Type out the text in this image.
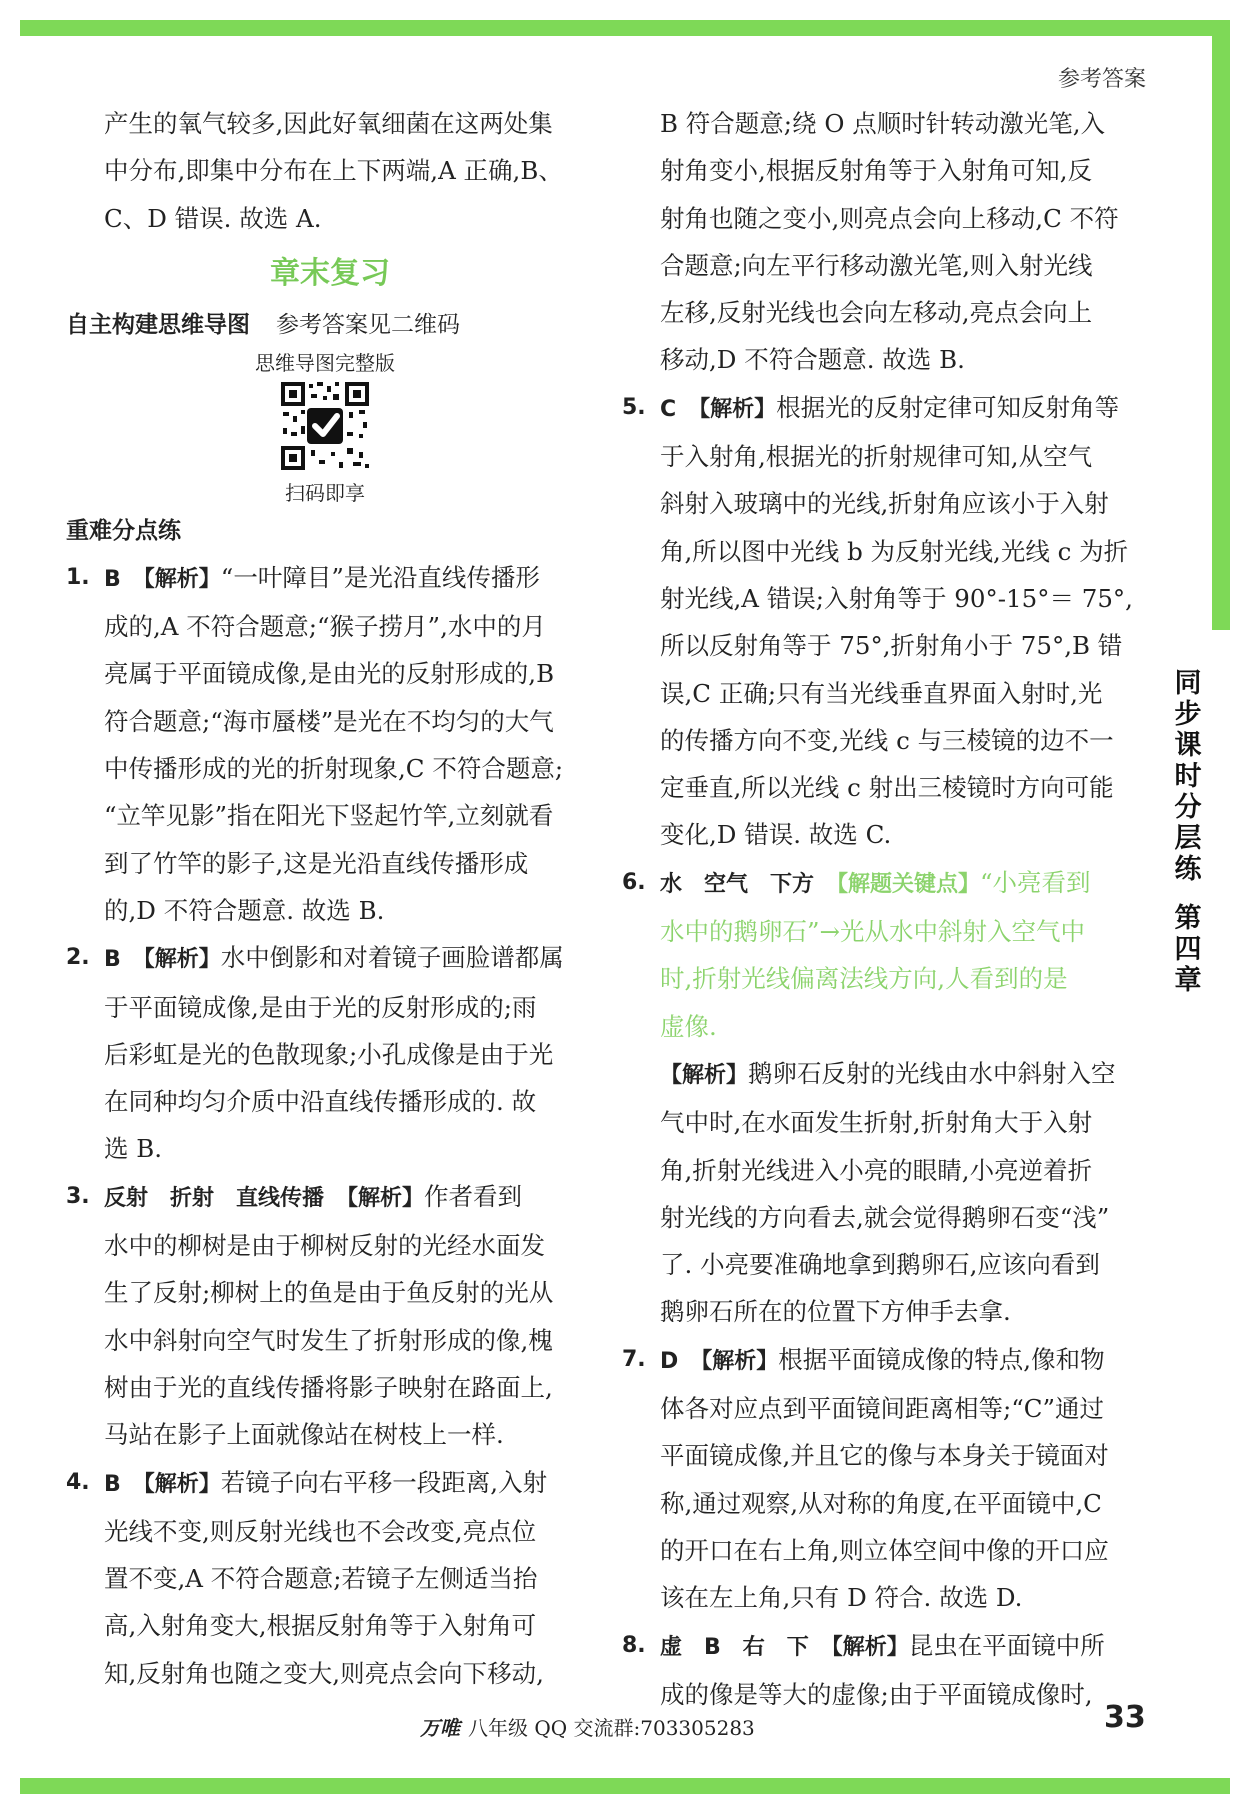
参考答案

产生的氧气较多,因此好氧细菌在这两处集

中分布,即集中分布在上下两端,A 正确,B、

C、D 错误. 故选 A.

章末复习
自主构建思维导图 参考答案见二维码
思维导图完整版
扫码即享
重难分点练

1. B 【解析】“一叶障目”是光沿直线传播形

成的,A 不符合题意;“猴子捞月”,水中的月

亮属于平面镜成像,是由光的反射形成的,B

符合题意;“海市蜃楼”是光在不均匀的大气

中传播形成的光的折射现象,C 不符合题意;

“立竿见影”指在阳光下竖起竹竿,立刻就看

到了竹竿的影子,这是光沿直线传播形成

的,D 不符合题意. 故选 B.

2. B 【解析】水中倒影和对着镜子画脸谱都属

于平面镜成像,是由于光的反射形成的;雨

后彩虹是光的色散现象;小孔成像是由于光

在同种均匀介质中沿直线传播形成的. 故

选 B.

3. 反射　折射　直线传播 【解析】作者看到

水中的柳树是由于柳树反射的光经水面发

生了反射;柳树上的鱼是由于鱼反射的光从

水中斜射向空气时发生了折射形成的像,槐

树由于光的直线传播将影子映射在路面上,

马站在影子上面就像站在树枝上一样.

4. B 【解析】若镜子向右平移一段距离,入射

光线不变,则反射光线也不会改变,亮点位

置不变,A 不符合题意;若镜子左侧适当抬

高,入射角变大,根据反射角等于入射角可

知,反射角也随之变大,则亮点会向下移动,

B 符合题意;绕 O 点顺时针转动激光笔,入

射角变小,根据反射角等于入射角可知,反

射角也随之变小,则亮点会向上移动,C 不符

合题意;向左平行移动激光笔,则入射光线

左移,反射光线也会向左移动,亮点会向上

移动,D 不符合题意. 故选 B.

5. C 【解析】根据光的反射定律可知反射角等

于入射角,根据光的折射规律可知,从空气

斜射入玻璃中的光线,折射角应该小于入射

角,所以图中光线 b 为反射光线,光线 c 为折

射光线,A 错误;入射角等于 90°-15°＝ 75°,

所以反射角等于 75°,折射角小于 75°,B 错

误,C 正确;只有当光线垂直界面入射时,光

的传播方向不变,光线 c 与三棱镜的边不一

定垂直,所以光线 c 射出三棱镜时方向可能

变化,D 错误. 故选 C.

6. 水　空气　下方 【解题关键点】“小亮看到

水中的鹅卵石”→光从水中斜射入空气中

时,折射光线偏离法线方向,人看到的是

虚像.

【解析】鹅卵石反射的光线由水中斜射入空

气中时,在水面发生折射,折射角大于入射

角,折射光线进入小亮的眼睛,小亮逆着折

射光线的方向看去,就会觉得鹅卵石变“浅”

了. 小亮要准确地拿到鹅卵石,应该向看到

鹅卵石所在的位置下方伸手去拿.

7. D 【解析】根据平面镜成像的特点,像和物

体各对应点到平面镜间距离相等;“C”通过

平面镜成像,并且它的像与本身关于镜面对

称,通过观察,从对称的角度,在平面镜中,C

的开口在右上角,则立体空间中像的开口应

该在左上角,只有 D 符合. 故选 D.

8. 虚　B　右　下 【解析】昆虫在平面镜中所

成的像是等大的虚像;由于平面镜成像时,

同
步
课
时
分
层
练
第
四
章
万唯 八年级 QQ 交流群:703305283	33
